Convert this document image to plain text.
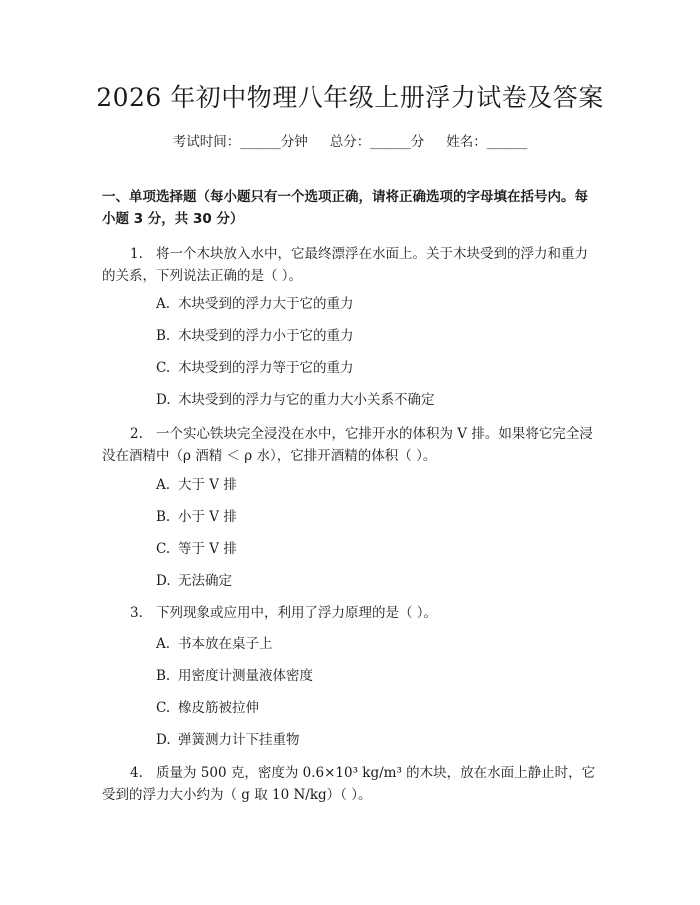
2026 年初中物理八年级上册浮力试卷及答案
考试时间：______分钟 总分：______分 姓名：______
一、单项选择题（每小题只有一个选项正确，请将正确选项的字母填在括号内。每小题 3 分，共 30 分）
1. 将一个木块放入水中，它最终漂浮在水面上。关于木块受到的浮力和重力的关系，下列说法正确的是（ ）。
A. 木块受到的浮力大于它的重力
B. 木块受到的浮力小于它的重力
C. 木块受到的浮力等于它的重力
D. 木块受到的浮力与它的重力大小关系不确定
2. 一个实心铁块完全浸没在水中，它排开水的体积为 V 排。如果将它完全浸没在酒精中（ρ 酒精 ＜ ρ 水），它排开酒精的体积（ ）。
A. 大于 V 排
B. 小于 V 排
C. 等于 V 排
D. 无法确定
3. 下列现象或应用中，利用了浮力原理的是（ ）。
A. 书本放在桌子上
B. 用密度计测量液体密度
C. 橡皮筋被拉伸
D. 弹簧测力计下挂重物
4. 质量为 500 克，密度为 0.6×10³ kg/m³ 的木块，放在水面上静止时，它受到的浮力大小约为（ g 取 10 N/kg）（ ）。
